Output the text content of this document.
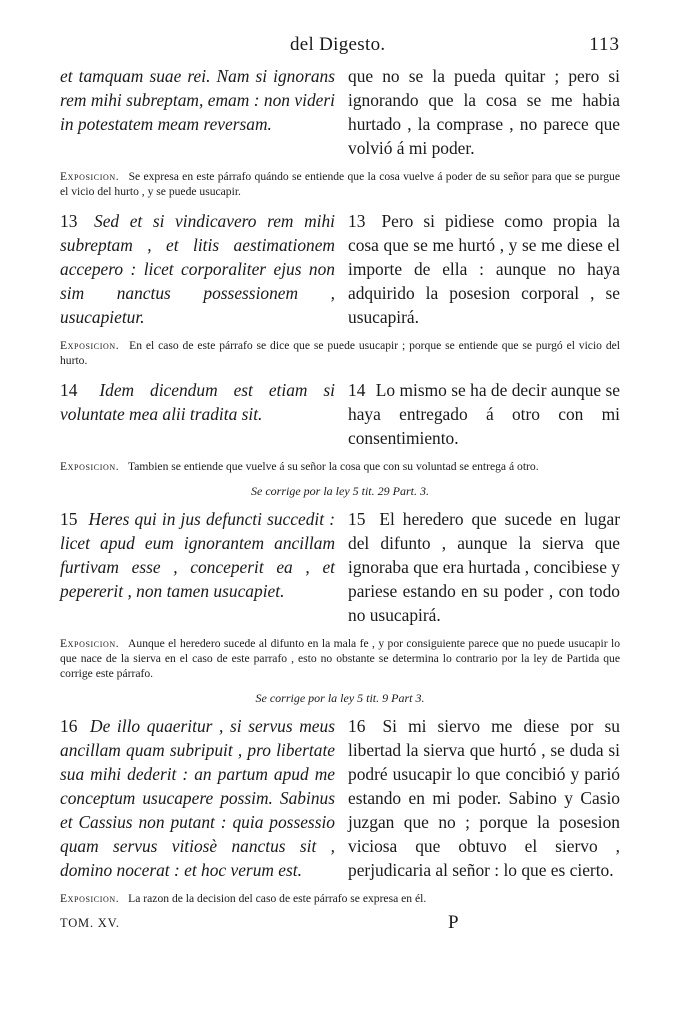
del Digesto.	113
et tamquam suae rei. Nam si ignorans rem mihi subreptam, emam : non videri in potestatem meam reversam.
que no se la pueda quitar ; pero si ignorando que la cosa se me habia hurtado , la comprase , no parece que volvió á mi poder.
Exposicion. Se expresa en este párrafo quándo se entiende que la cosa vuelve á poder de su señor para que se purgue el vicio del hurto , y se puede usucapir.
13 Sed et si vindicavero rem mihi subreptam , et litis aestimationem accepero : licet corporaliter ejus non sim nanctus possessionem , usucapietur.
13 Pero si pidiese como propia la cosa que se me hurtó , y se me diese el importe de ella : aunque no haya adquirido la posesion corporal , se usucapirá.
Exposicion. En el caso de este párrafo se dice que se puede usucapir ; porque se entiende que se purgó el vicio del hurto.
14 Idem dicendum est etiam si voluntate mea alii tradita sit.
14 Lo mismo se ha de decir aunque se haya entregado á otro con mi consentimiento.
Exposicion. Tambien se entiende que vuelve á su señor la cosa que con su voluntad se entrega á otro.
Se corrige por la ley 5 tit. 29 Part. 3.
15 Heres qui in jus defuncti succedit : licet apud eum ignorantem ancillam furtivam esse , conceperit ea , et pepererit , non tamen usucapiet.
15 El heredero que sucede en lugar del difunto , aunque la sierva que ignoraba que era hurtada , concibiese y pariese estando en su poder , con todo no usucapirá.
Exposicion. Aunque el heredero sucede al difunto en la mala fe , y por consiguiente parece que no puede usucapir lo que nace de la sierva en el caso de este parrafo , esto no obstante se determina lo contrario por la ley de Partida que corrige este párrafo.
Se corrige por la ley 5 tit. 9 Part 3.
16 De illo quaeritur , si servus meus ancillam quam subripuit , pro libertate sua mihi dederit : an partum apud me conceptum usucapere possim. Sabinus et Cassius non putant : quia possessio quam servus vitiosè nanctus sit , domino nocerat : et hoc verum est.
16 Si mi siervo me diese por su libertad la sierva que hurtó , se duda si podré usucapir lo que concibió y parió estando en mi poder. Sabino y Casio juzgan que no ; porque la posesion viciosa que obtuvo el siervo , perjudicaria al señor : lo que es cierto.
Exposicion. La razon de la decision del caso de este párrafo se expresa en él.
TOM. XV.	P
